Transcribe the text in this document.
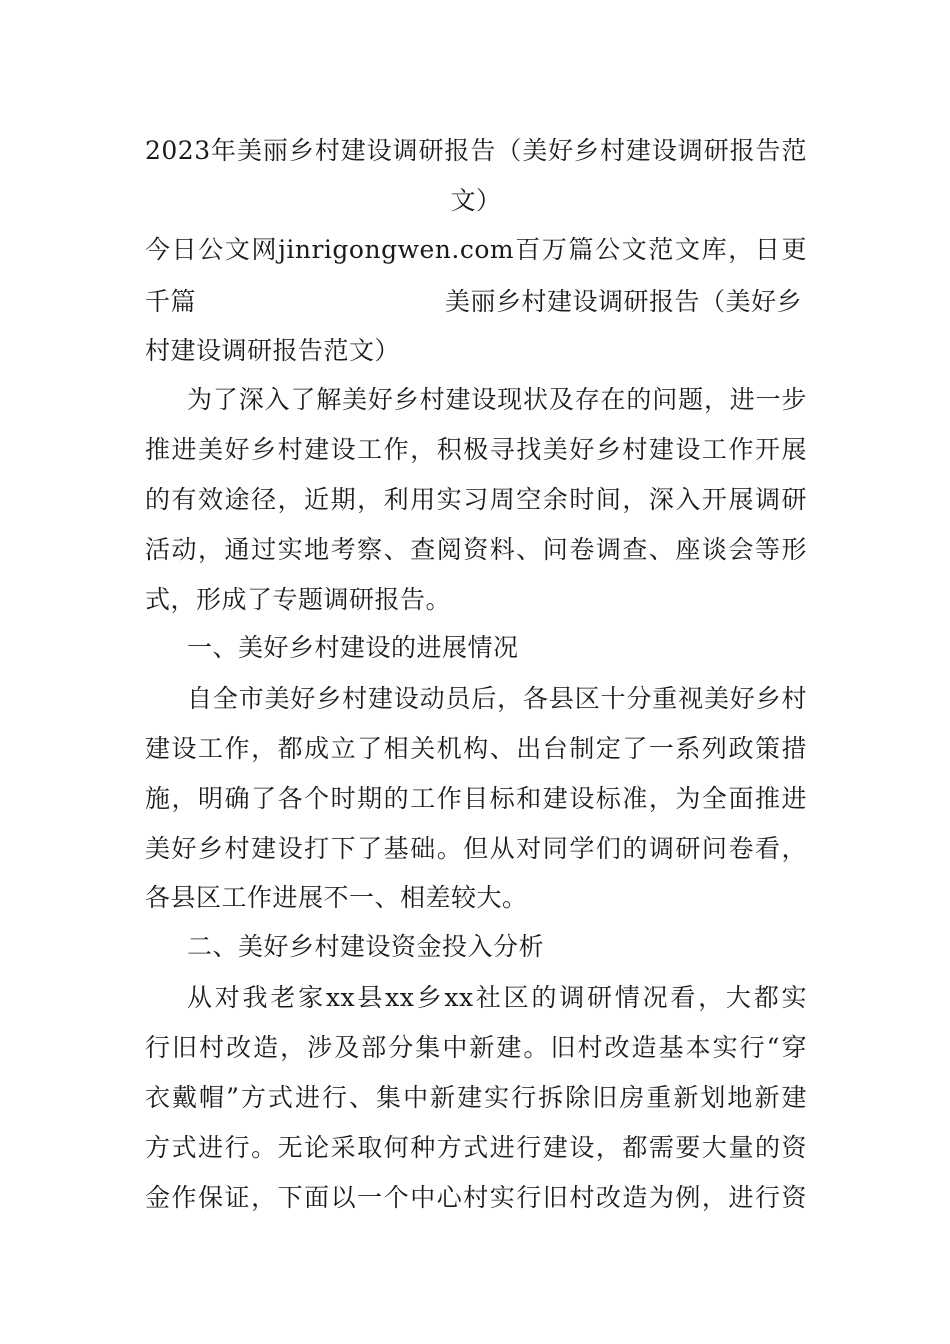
2023年美丽乡村建设调研报告（美好乡村建设调研报告范
文）
今日公文网jinrigongwen.com百万篇公文范文库，日更
千篇	美丽乡村建设调研报告（美好乡
村建设调研报告范文）
为了深入了解美好乡村建设现状及存在的问题，进一步
推进美好乡村建设工作，积极寻找美好乡村建设工作开展
的有效途径，近期，利用实习周空余时间，深入开展调研
活动，通过实地考察、查阅资料、问卷调查、座谈会等形
式，形成了专题调研报告。
一、美好乡村建设的进展情况
自全市美好乡村建设动员后，各县区十分重视美好乡村
建设工作，都成立了相关机构、出台制定了一系列政策措
施，明确了各个时期的工作目标和建设标准，为全面推进
美好乡村建设打下了基础。但从对同学们的调研问卷看，
各县区工作进展不一、相差较大。
二、美好乡村建设资金投入分析
从对我老家xx县xx乡xx社区的调研情况看，大都实
行旧村改造，涉及部分集中新建。旧村改造基本实行“穿
衣戴帽”方式进行、集中新建实行拆除旧房重新划地新建
方式进行。无论采取何种方式进行建设，都需要大量的资
金作保证，下面以一个中心村实行旧村改造为例，进行资
